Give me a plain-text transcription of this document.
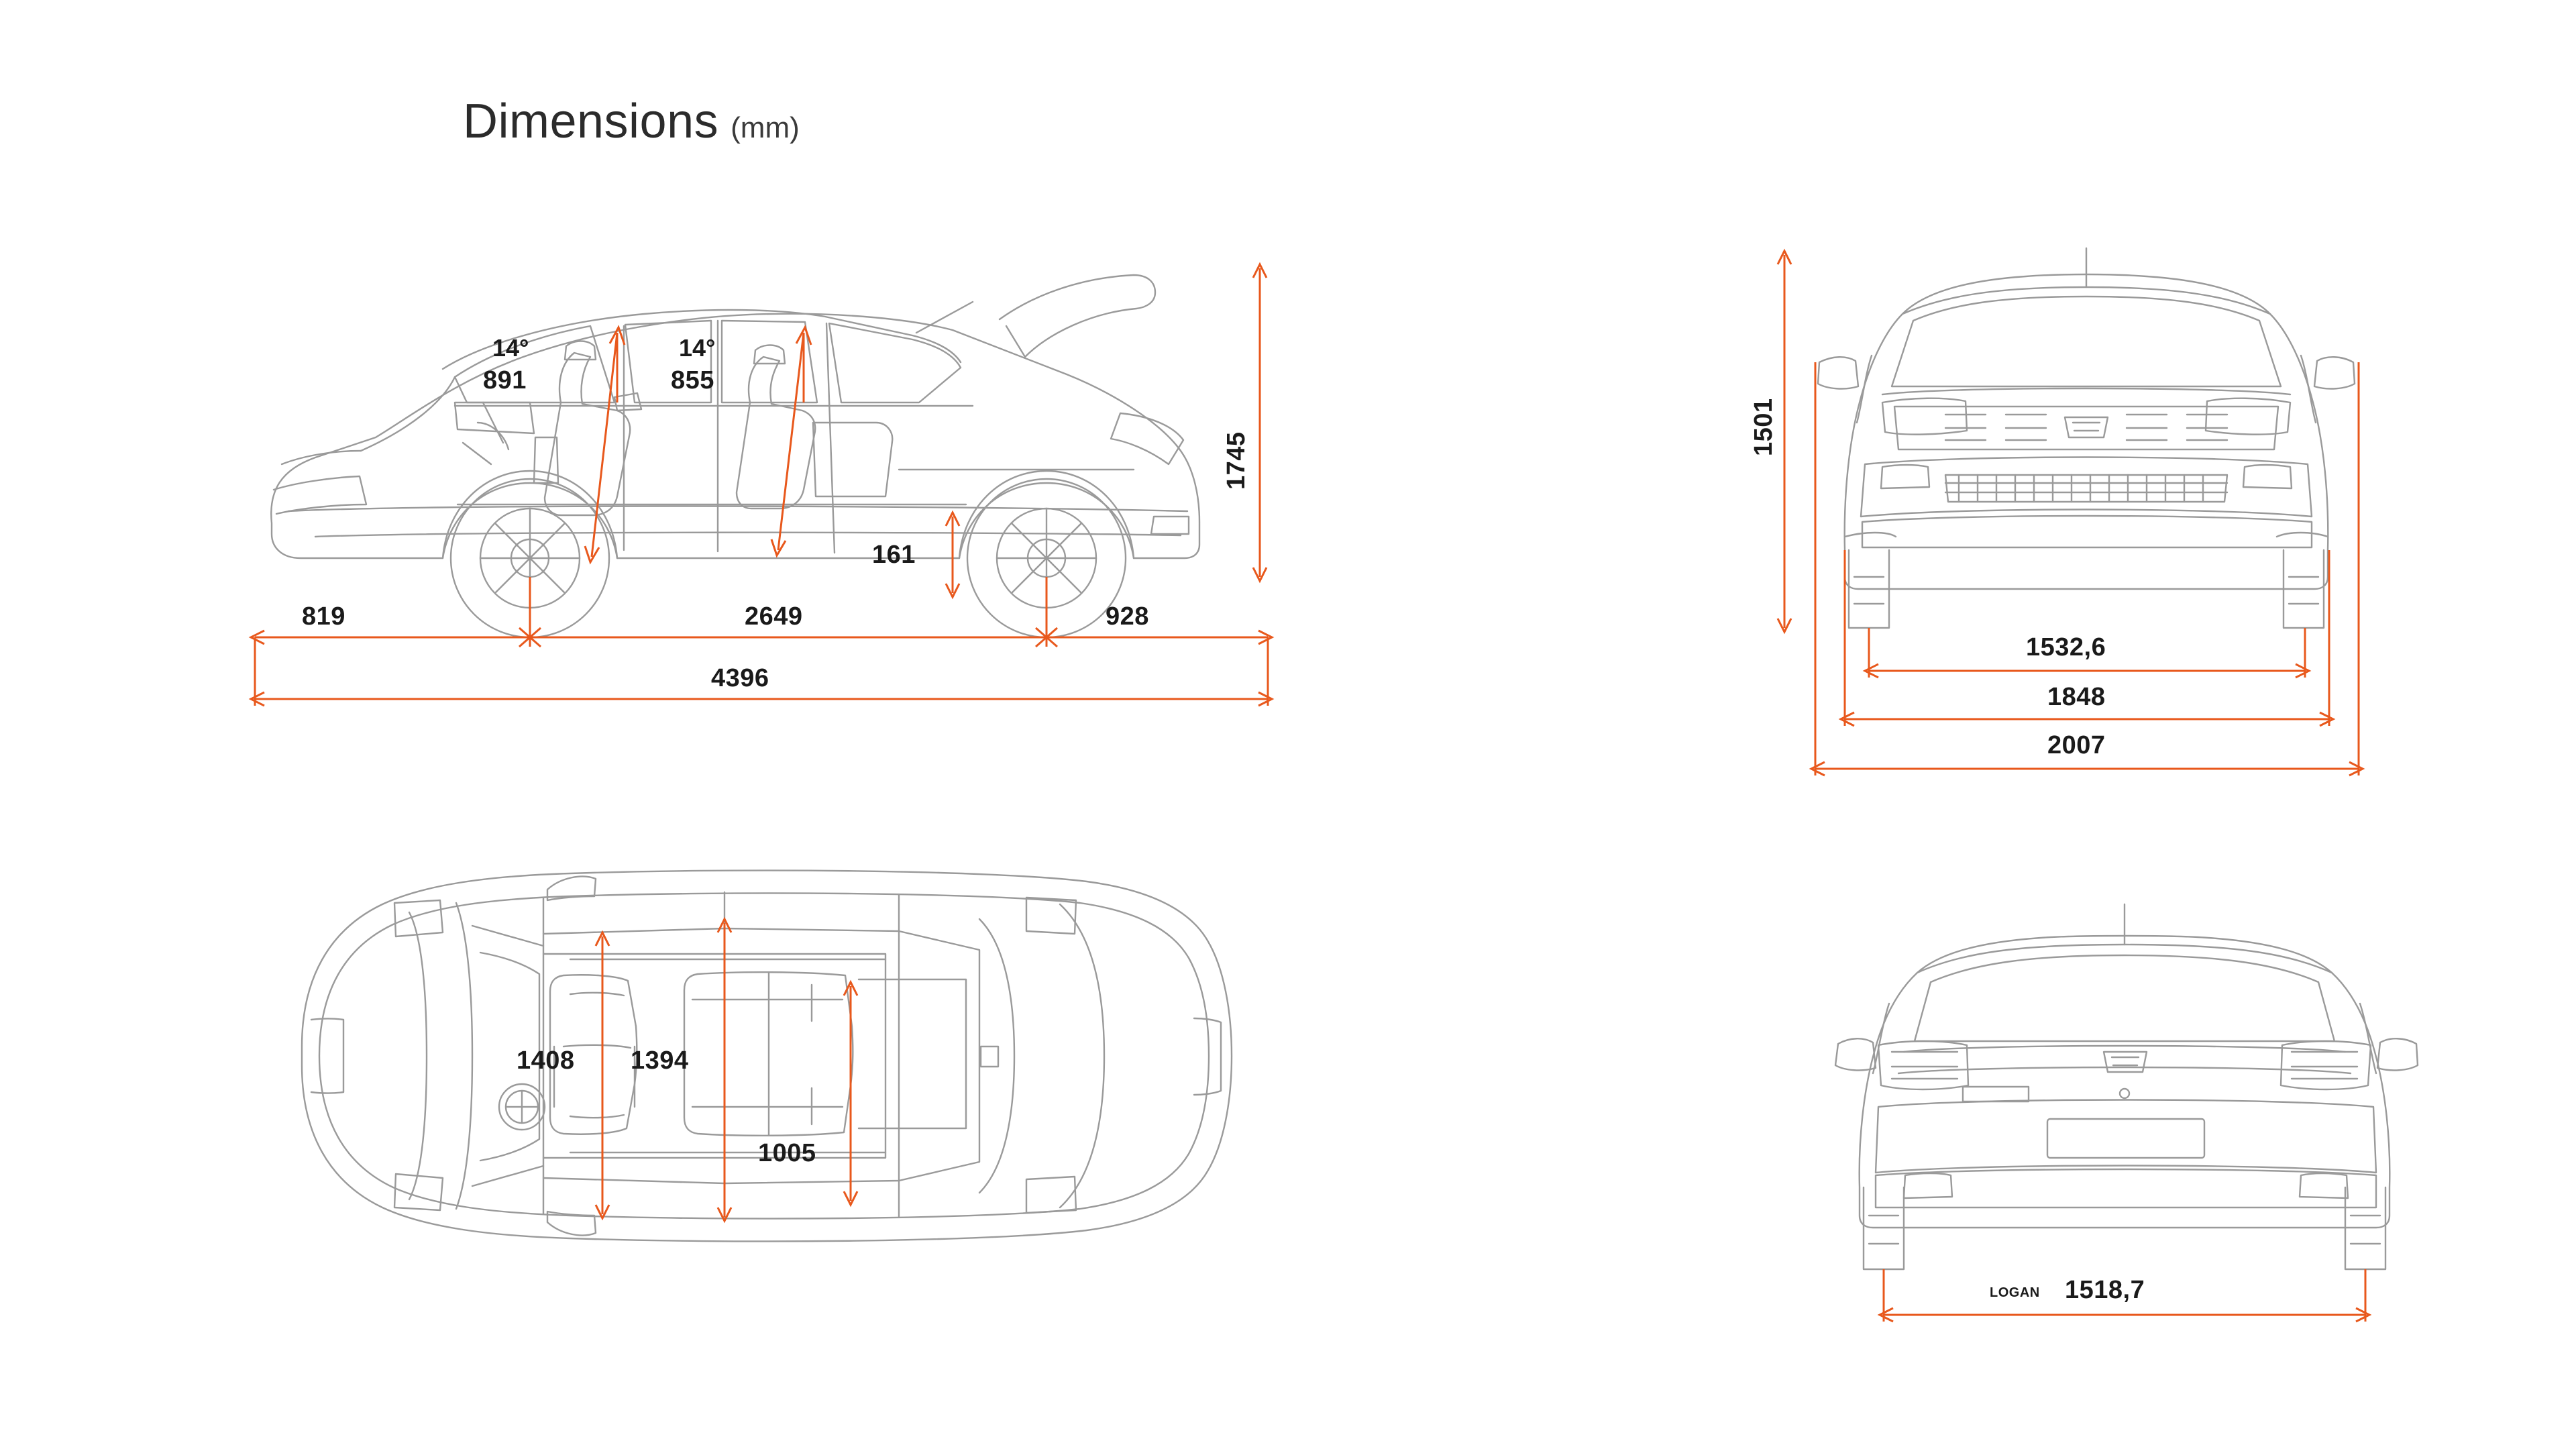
Dimensions (mm)
1745
161
819	2649	928
4396
14°
891
14°
855
1501
1532,6
1848
2007
1408 1394
1005
LOGAN 1518,7
